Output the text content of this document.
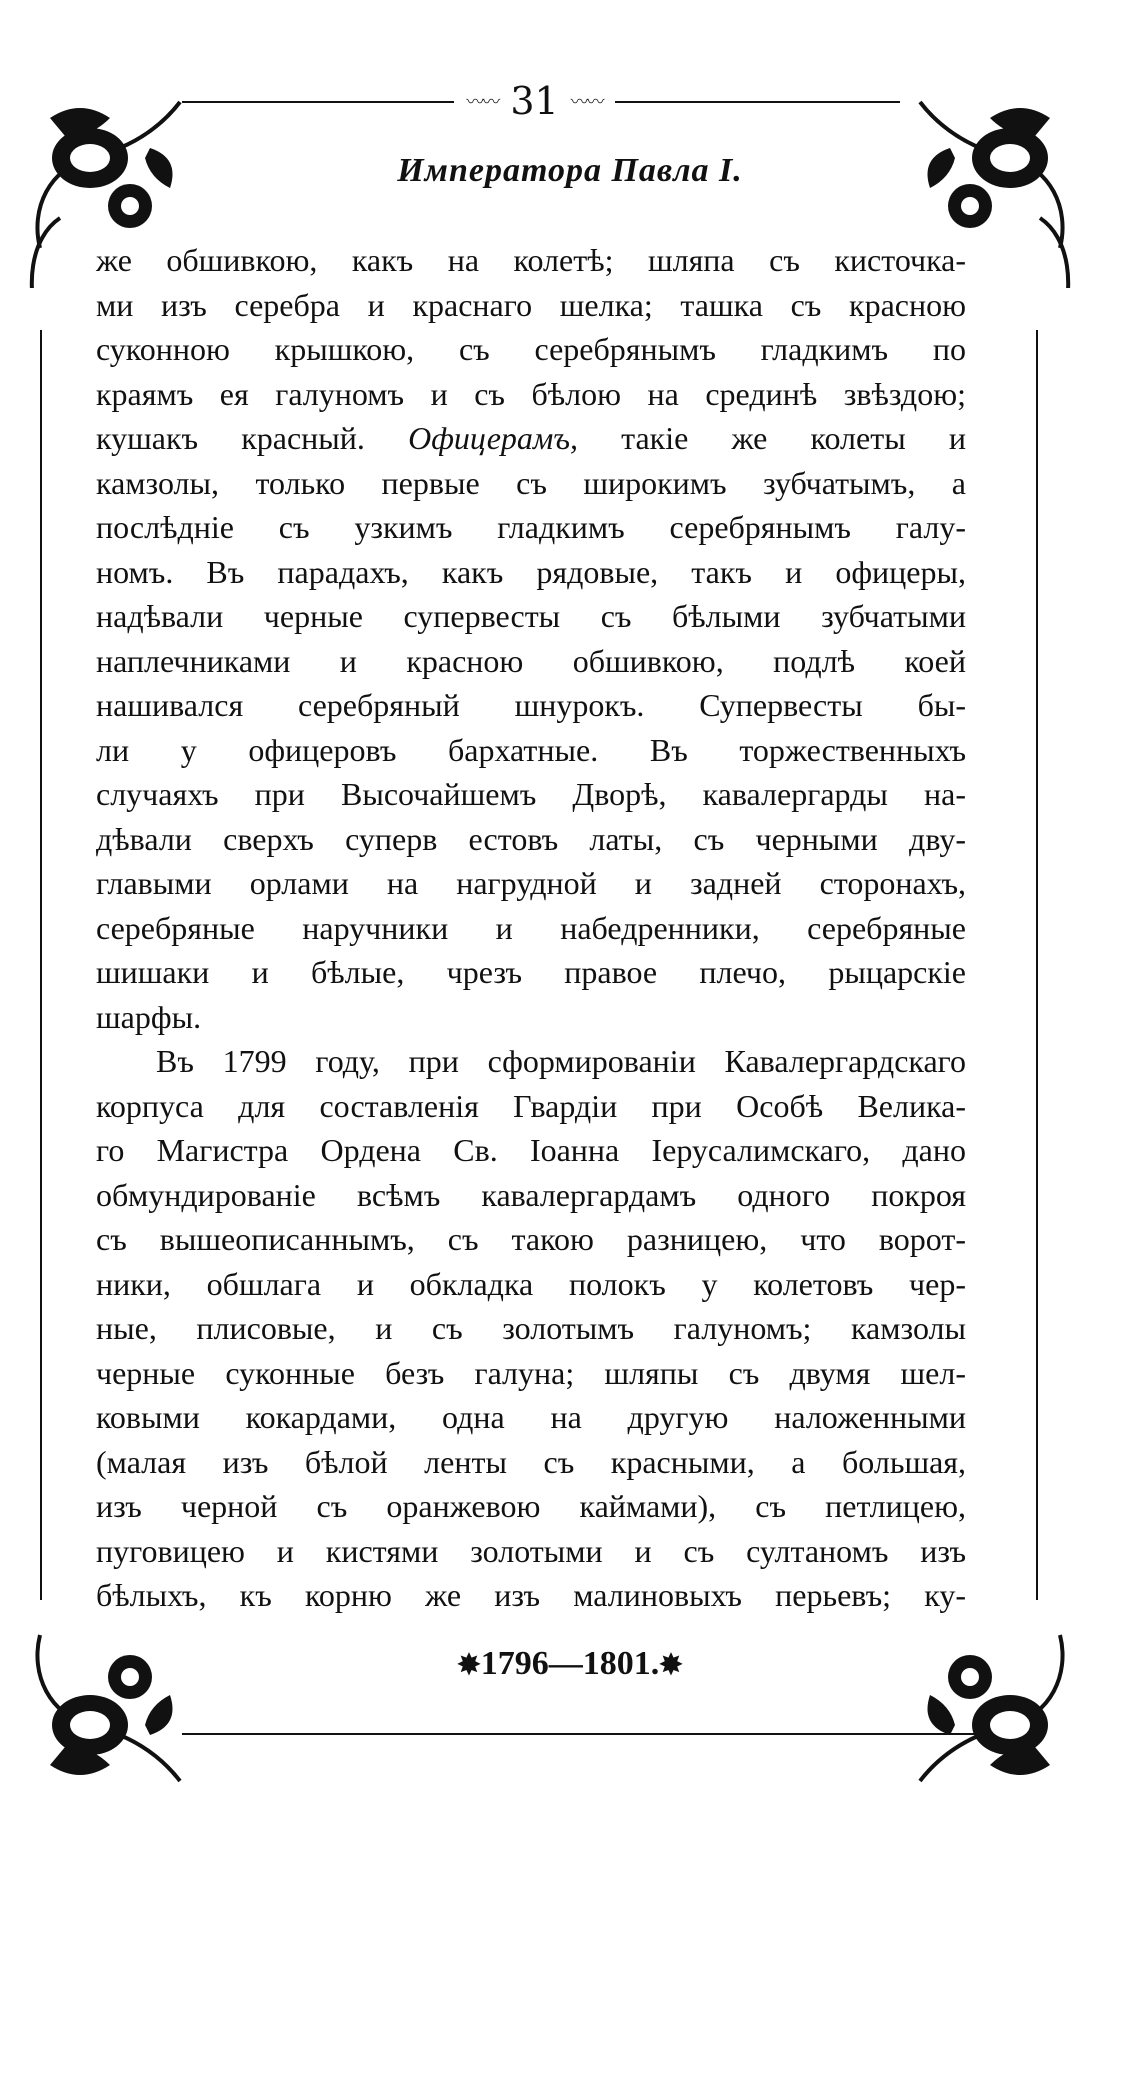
〰〰 31 〰〰
Императора Павла I.
же обшивкою, какъ на колетѣ; шляпа съ кисточка-
ми изъ серебра и краснаго шелка; ташка съ красною
суконною крышкою, съ серебрянымъ гладкимъ по
краямъ ея галуномъ и съ бѣлою на срединѣ звѣздою;
кушакъ красный. Офицерамъ, такіе же колеты и
камзолы, только первые съ широкимъ зубчатымъ, а
послѣдніе съ узкимъ гладкимъ серебрянымъ галу-
номъ. Въ парадахъ, какъ рядовые, такъ и офицеры,
надѣвали черные супервесты съ бѣлыми зубчатыми
наплечниками и красною обшивкою, подлѣ коей
нашивался серебряный шнурокъ. Супервесты бы-
ли у офицеровъ бархатные. Въ торжественныхъ
случаяхъ при Высочайшемъ Дворѣ, кавалергарды на-
дѣвали сверхъ суперв естовъ латы, съ черными дву-
главыми орлами на нагрудной и задней сторонахъ,
серебряные наручники и набедренники, серебряные
шишаки и бѣлые, чрезъ правое плечо, рыцарскіе
шарфы.
Въ 1799 году, при сформированіи Кавалергардскаго
корпуса для составленія Гвардіи при Особѣ Велика-
го Магистра Ордена Св. Іоанна Іерусалимскаго, дано
обмундированіе всѣмъ кавалергардамъ одного покроя
съ вышеописаннымъ, съ такою разницею, что ворот-
ники, обшлага и обкладка полокъ у колетовъ чер-
ные, плисовые, и съ золотымъ галуномъ; камзолы
черные суконные безъ галуна; шляпы съ двумя шел-
ковыми кокардами, одна на другую наложенными
(малая изъ бѣлой ленты съ красными, а большая,
изъ черной съ оранжевою каймами), съ петлицею,
пуговицею и кистями золотыми и съ султаномъ изъ
бѣлыхъ, къ корню же изъ малиновыхъ перьевъ; ку-
✸1796—1801.✸
